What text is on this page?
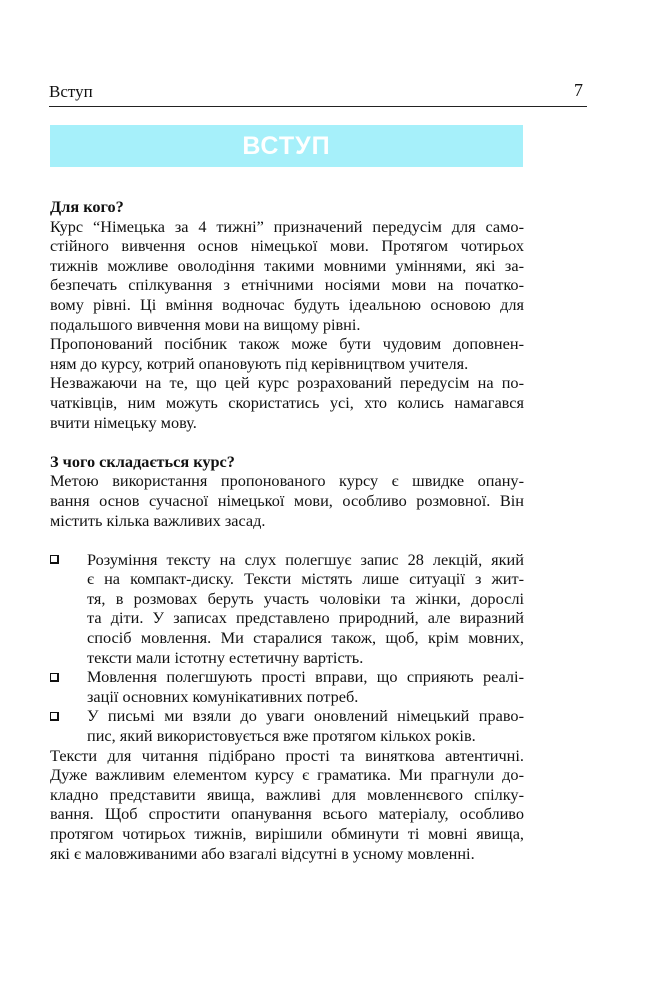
Вступ	7
ВСТУП
Для кого?
Курс “Німецька за 4 тижні” призначений передусім для само-
стійного вивчення основ німецької мови. Протягом чотирьох
тижнів можливе оволодіння такими мовними уміннями, які за-
безпечать спілкування з етнічними носіями мови на початко-
вому рівні. Ці вміння водночас будуть ідеальною основою для
подальшого вивчення мови на вищому рівні.
Пропонований посібник також може бути чудовим доповнен-
ням до курсу, котрий опановують під керівництвом учителя.
Незважаючи на те, що цей курс розрахований передусім на по-
чатківців, ним можуть скористатись усі, хто колись намагався
вчити німецьку мову.
З чого складається курс?
Метою використання пропонованого курсу є швидке опану-
вання основ сучасної німецької мови, особливо розмовної. Він
містить кілька важливих засад.
Розуміння тексту на слух полегшує запис 28 лекцій, який
є на компакт-диску. Тексти містять лише ситуації з жит-
тя, в розмовах беруть участь чоловіки та жінки, дорослі
та діти. У записах представлено природний, але виразний
спосіб мовлення. Ми старалися також, щоб, крім мовних,
тексти мали істотну естетичну вартість.
Мовлення полегшують прості вправи, що сприяють реалі-
зації основних комунікативних потреб.
У письмі ми взяли до уваги оновлений німецький право-
пис, який використовується вже протягом кількох років.
Тексти для читання підібрано прості та виняткова автентичні.
Дуже важливим елементом курсу є граматика. Ми прагнули до-
кладно представити явища, важливі для мовленнєвого спілку-
вання. Щоб спростити опанування всього матеріалу, особливо
протягом чотирьох тижнів, вирішили обминути ті мовні явища,
які є маловживаними або взагалі відсутні в усному мовленні.
